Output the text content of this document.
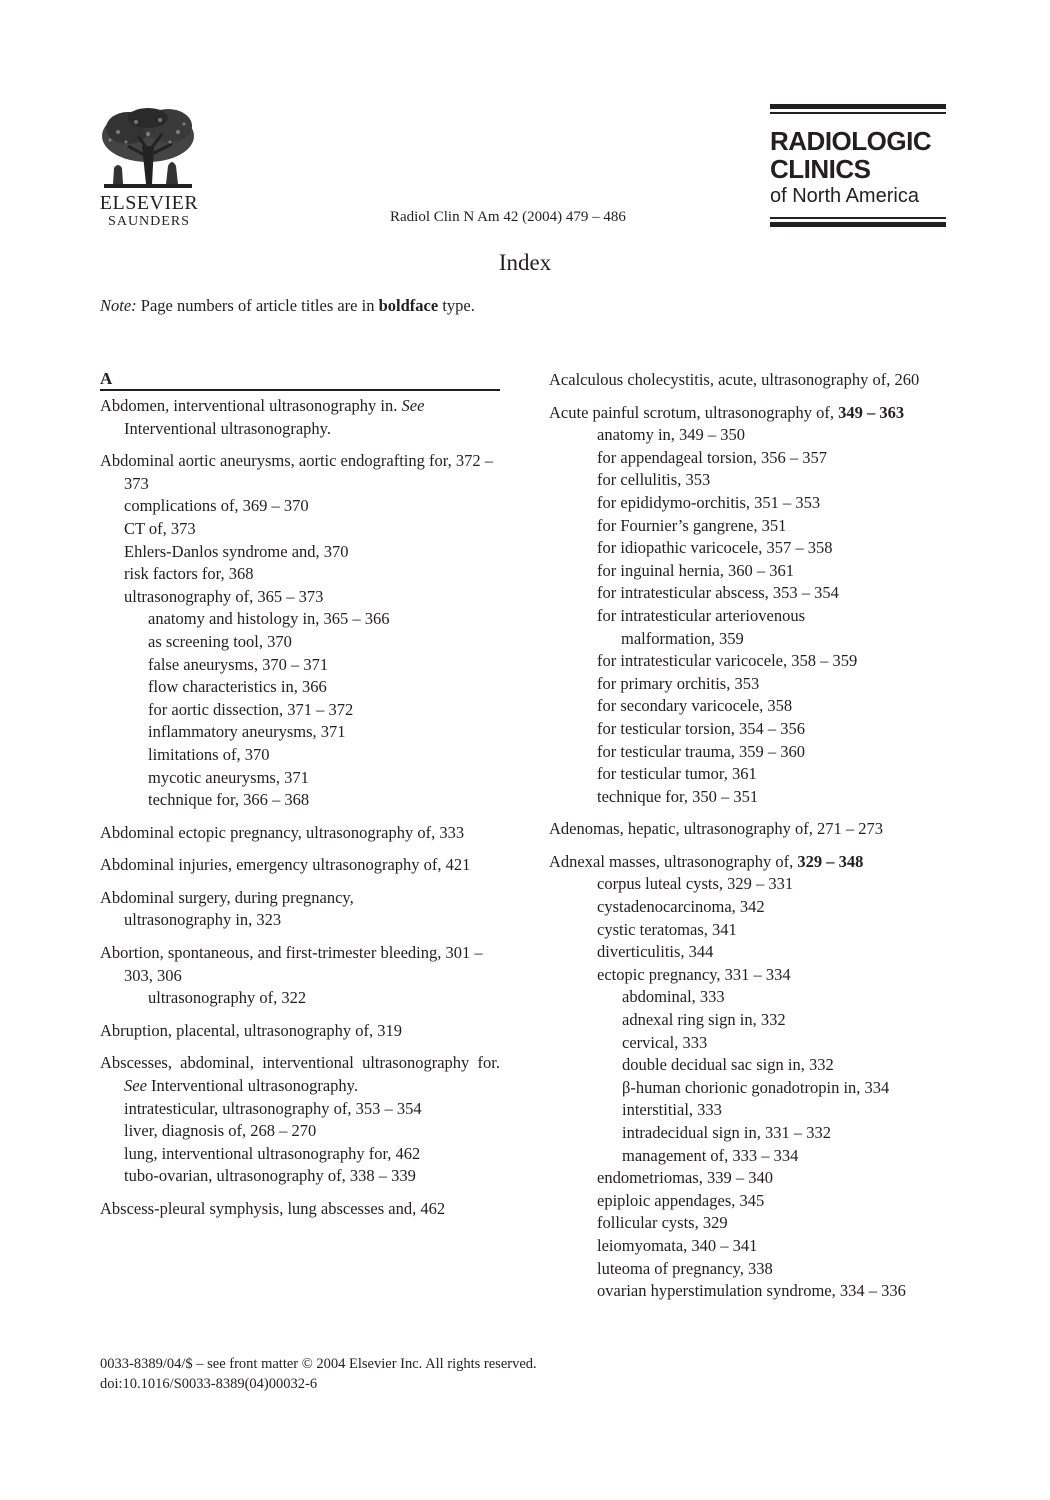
ELSEVIER
SAUNDERS	Radiol Clin N Am 42 (2004) 479 – 486
RADIOLOGIC
CLINICS
of North America
Index
Note: Page numbers of article titles are in boldface type.
A
Abdomen, interventional ultrasonography in. See
Interventional ultrasonography.
Abdominal aortic aneurysms, aortic endografting for, 372 – 373
complications of, 369 – 370
CT of, 373
Ehlers-Danlos syndrome and, 370
risk factors for, 368
ultrasonography of, 365 – 373
anatomy and histology in, 365 – 366
as screening tool, 370
false aneurysms, 370 – 371
flow characteristics in, 366
for aortic dissection, 371 – 372
inflammatory aneurysms, 371
limitations of, 370
mycotic aneurysms, 371
technique for, 366 – 368
Abdominal ectopic pregnancy, ultrasonography of, 333
Abdominal injuries, emergency ultrasonography of, 421
Abdominal surgery, during pregnancy, ultrasonography in, 323
Abortion, spontaneous, and first-trimester bleeding, 301 – 303, 306
ultrasonography of, 322
Abruption, placental, ultrasonography of, 319
Abscesses, abdominal, interventional ultrasonography for. See Interventional ultrasonography.
intratesticular, ultrasonography of, 353 – 354
liver, diagnosis of, 268 – 270
lung, interventional ultrasonography for, 462
tubo-ovarian, ultrasonography of, 338 – 339
Abscess-pleural symphysis, lung abscesses and, 462
Acalculous cholecystitis, acute, ultrasonography of, 260
Acute painful scrotum, ultrasonography of, 349 – 363
anatomy in, 349 – 350
for appendageal torsion, 356 – 357
for cellulitis, 353
for epididymo-orchitis, 351 – 353
for Fournier’s gangrene, 351
for idiopathic varicocele, 357 – 358
for inguinal hernia, 360 – 361
for intratesticular abscess, 353 – 354
for intratesticular arteriovenous malformation, 359
for intratesticular varicocele, 358 – 359
for primary orchitis, 353
for secondary varicocele, 358
for testicular torsion, 354 – 356
for testicular trauma, 359 – 360
for testicular tumor, 361
technique for, 350 – 351
Adenomas, hepatic, ultrasonography of, 271 – 273
Adnexal masses, ultrasonography of, 329 – 348
corpus luteal cysts, 329 – 331
cystadenocarcinoma, 342
cystic teratomas, 341
diverticulitis, 344
ectopic pregnancy, 331 – 334
abdominal, 333
adnexal ring sign in, 332
cervical, 333
double decidual sac sign in, 332
β-human chorionic gonadotropin in, 334
interstitial, 333
intradecidual sign in, 331 – 332
management of, 333 – 334
endometriomas, 339 – 340
epiploic appendages, 345
follicular cysts, 329
leiomyomata, 340 – 341
luteoma of pregnancy, 338
ovarian hyperstimulation syndrome, 334 – 336
0033-8389/04/$ – see front matter © 2004 Elsevier Inc. All rights reserved.
doi:10.1016/S0033-8389(04)00032-6
